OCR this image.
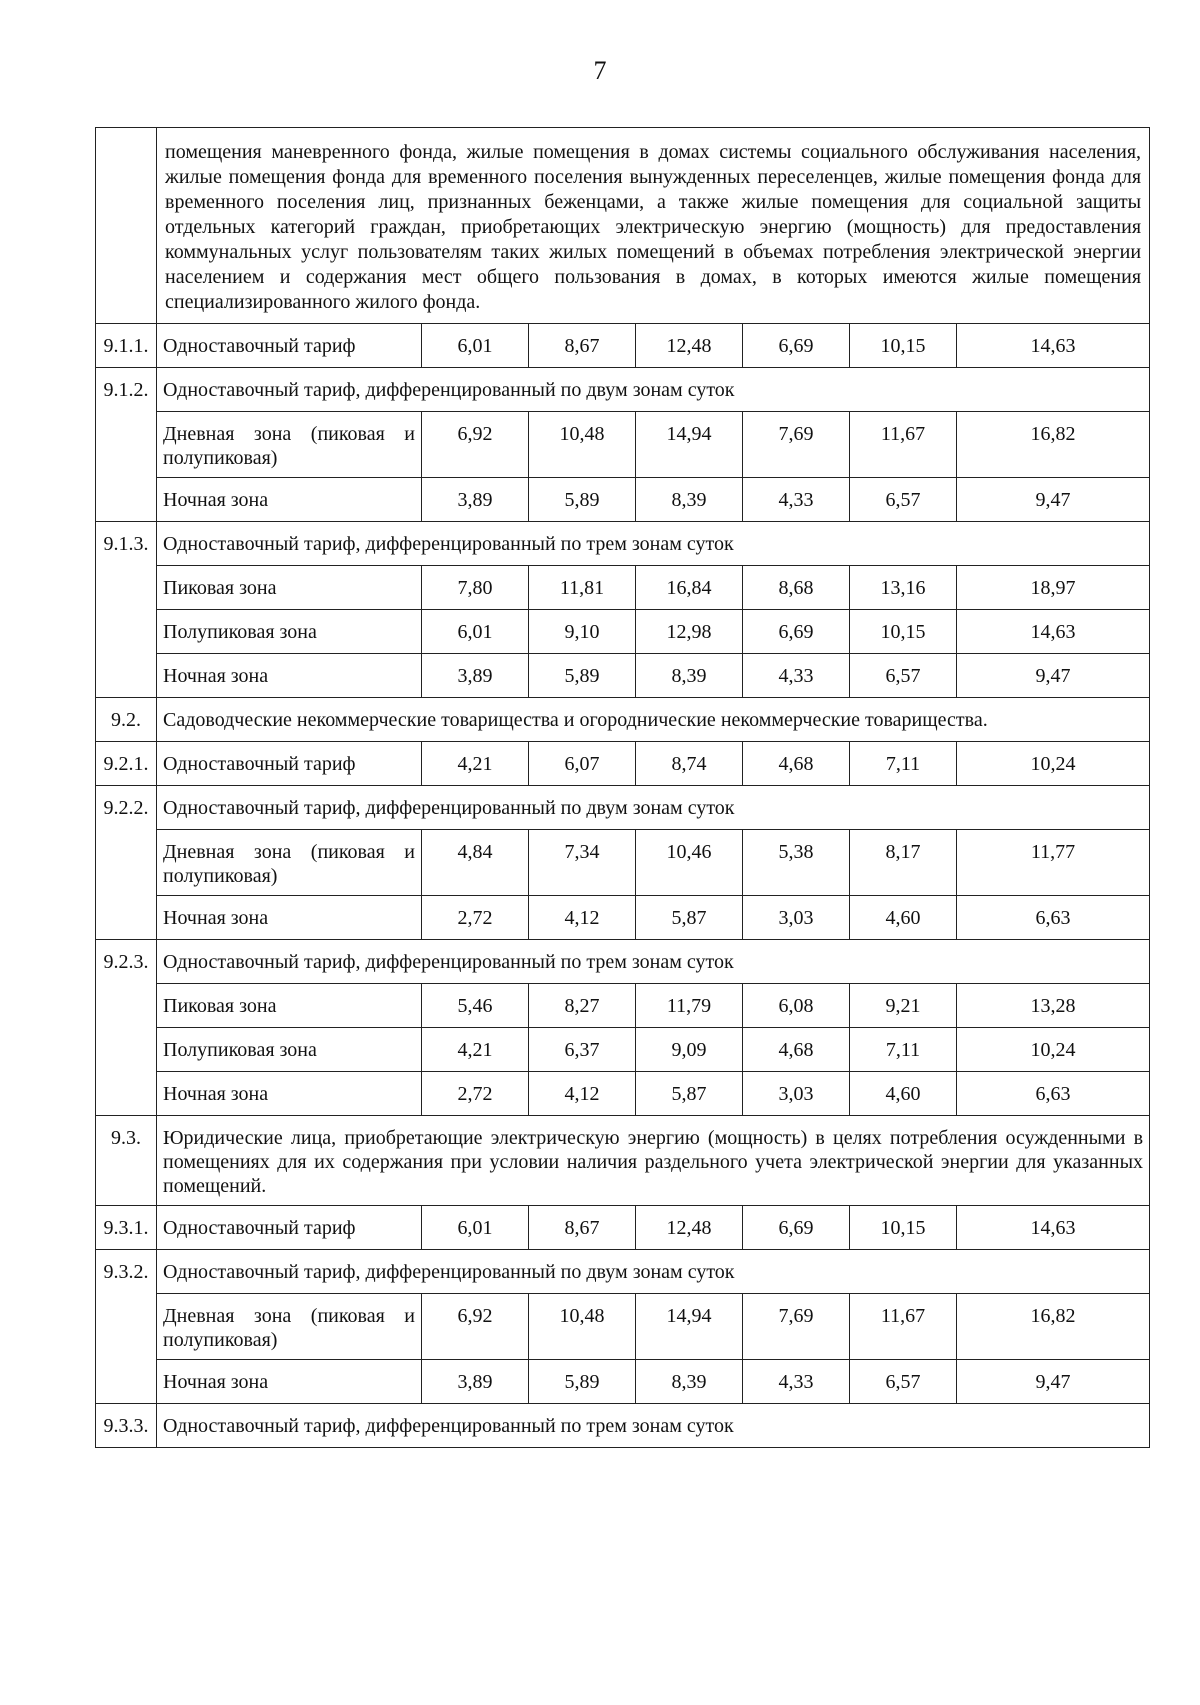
7
	помещения маневренного фонда, жилые помещения в домах системы социального обслуживания населения, жилые помещения фонда для временного поселения вынужденных переселенцев, жилые помещения фонда для временного поселения лиц, признанных беженцами, а также жилые помещения для социальной защиты отдельных категорий граждан, приобретающих электрическую энергию (мощность) для предоставления коммунальных услуг пользователям таких жилых помещений в объемах потребления электрической энергии населением и содержания мест общего пользования в домах, в которых имеются жилые помещения специализированного жилого фонда.						
9.1.1.	Одноставочный тариф	6,01	8,67	12,48	6,69	10,15	14,63
9.1.2.	Одноставочный тариф, дифференцированный по двум зонам суток						
	Дневная зона (пиковая и полупиковая)	6,92	10,48	14,94	7,69	11,67	16,82
	Ночная зона	3,89	5,89	8,39	4,33	6,57	9,47
9.1.3.	Одноставочный тариф, дифференцированный по трем зонам суток						
	Пиковая зона	7,80	11,81	16,84	8,68	13,16	18,97
	Полупиковая зона	6,01	9,10	12,98	6,69	10,15	14,63
	Ночная зона	3,89	5,89	8,39	4,33	6,57	9,47
9.2.	Садоводческие некоммерческие товарищества и огороднические некоммерческие товарищества.						
9.2.1.	Одноставочный тариф	4,21	6,07	8,74	4,68	7,11	10,24
9.2.2.	Одноставочный тариф, дифференцированный по двум зонам суток						
	Дневная зона (пиковая и полупиковая)	4,84	7,34	10,46	5,38	8,17	11,77
	Ночная зона	2,72	4,12	5,87	3,03	4,60	6,63
9.2.3.	Одноставочный тариф, дифференцированный по трем зонам суток						
	Пиковая зона	5,46	8,27	11,79	6,08	9,21	13,28
	Полупиковая зона	4,21	6,37	9,09	4,68	7,11	10,24
	Ночная зона	2,72	4,12	5,87	3,03	4,60	6,63
9.3.	Юридические лица, приобретающие электрическую энергию (мощность) в целях потребления осужденными в помещениях для их содержания при условии наличия раздельного учета электрической энергии для указанных помещений.						
9.3.1.	Одноставочный тариф	6,01	8,67	12,48	6,69	10,15	14,63
9.3.2.	Одноставочный тариф, дифференцированный по двум зонам суток						
	Дневная зона (пиковая и полупиковая)	6,92	10,48	14,94	7,69	11,67	16,82
	Ночная зона	3,89	5,89	8,39	4,33	6,57	9,47
9.3.3.	Одноставочный тариф, дифференцированный по трем зонам суток						
